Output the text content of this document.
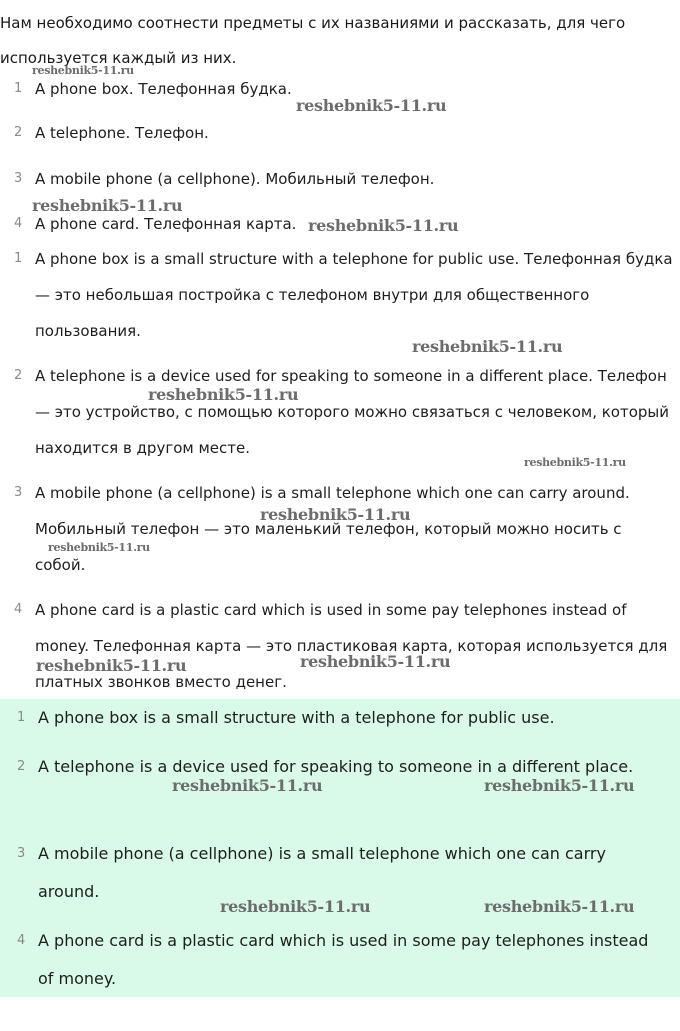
Нам необходимо соотнести предметы с их названиями и рассказать, для чего используется каждый из них.
1 A phone box. Телефонная будка.
2 A telephone. Телефон.
3 A mobile phone (a cellphone). Мобильный телефон.
4 A phone card. Телефонная карта.
1 A phone box is a small structure with a telephone for public use. Телефонная будка — это небольшая постройка с телефоном внутри для общественного пользования.
2 A telephone is a device used for speaking to someone in a different place. Телефон — это устройство, с помощью которого можно связаться с человеком, который находится в другом месте.
3 A mobile phone (a cellphone) is a small telephone which one can carry around. Мобильный телефон — это маленький телефон, который можно носить с собой.
4 A phone card is a plastic card which is used in some pay telephones instead of money. Телефонная карта — это пластиковая карта, которая используется для платных звонков вместо денег.
1 A phone box is a small structure with a telephone for public use.
2 A telephone is a device used for speaking to someone in a different place.
3 A mobile phone (a cellphone) is a small telephone which one can carry around.
4 A phone card is a plastic card which is used in some pay telephones instead of money.
reshebnik5-11.ru
reshebnik5-11.ru
reshebnik5-11.ru
reshebnik5-11.ru
reshebnik5-11.ru
reshebnik5-11.ru
reshebnik5-11.ru
reshebnik5-11.ru
reshebnik5-11.ru
reshebnik5-11.ru	reshebnik5-11.ru
reshebnik5-11.ru	reshebnik5-11.ru
reshebnik5-11.ru	reshebnik5-11.ru
